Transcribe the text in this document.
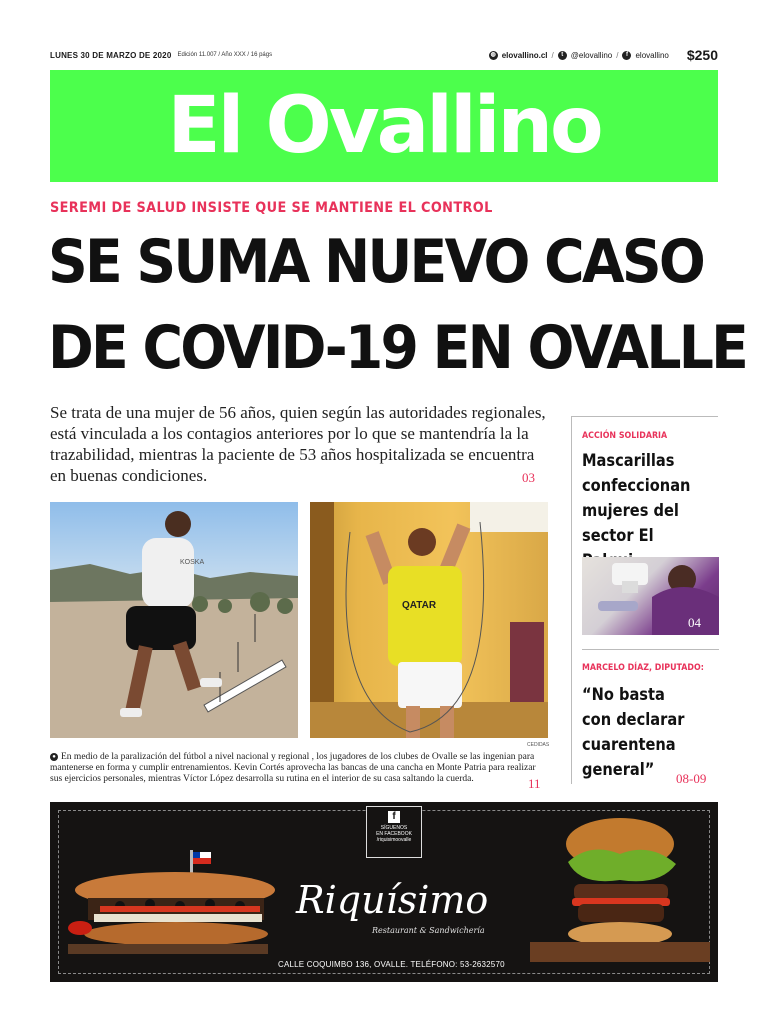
LUNES 30 DE MARZO DE 2020 Edición 11.007 / Año XXX / 16 págs	◍ elovallino.cl /	t @elovallino /	f elovallino $250
El Ovallino
SEREMI DE SALUD INSISTE QUE SE MANTIENE EL CONTROL
SE SUMA NUEVO CASO
DE COVID-19 EN OVALLE
Se trata de una mujer de 56 años, quien según las autoridades regionales, está vinculada a los contagios anteriores por lo que se mantendría la la trazabilidad, mientras la paciente de 53 años hospitalizada se encuentra en buenas condiciones.	03
KOSKA
QATAR
CEDIDAS
● En medio de la paralización del fútbol a nivel nacional y regional , los jugadores de los clubes de Ovalle se las ingenian para mantenerse en forma y cumplir entrenamientos. Kevin Cortés aprovecha las bancas de una cancha en Monte Patria para realizar sus ejercicios personales, mientras Víctor López desarrolla su rutina en el interior de su casa saltando la cuerda.	11
ACCIÓN SOLIDARIA
Mascarillas confeccionan mujeres del sector El
04
MARCELO DÍAZ, DIPUTADO:
“No basta con declarar cuarentena general”	08-09
f
SÍGUENOS
EN FACEBOOK
/riquisimoovalle
Riquísimo
Restaurant & Sandwichería
CALLE COQUIMBO 136, OVALLE. TELÉFONO: 53-2632570
